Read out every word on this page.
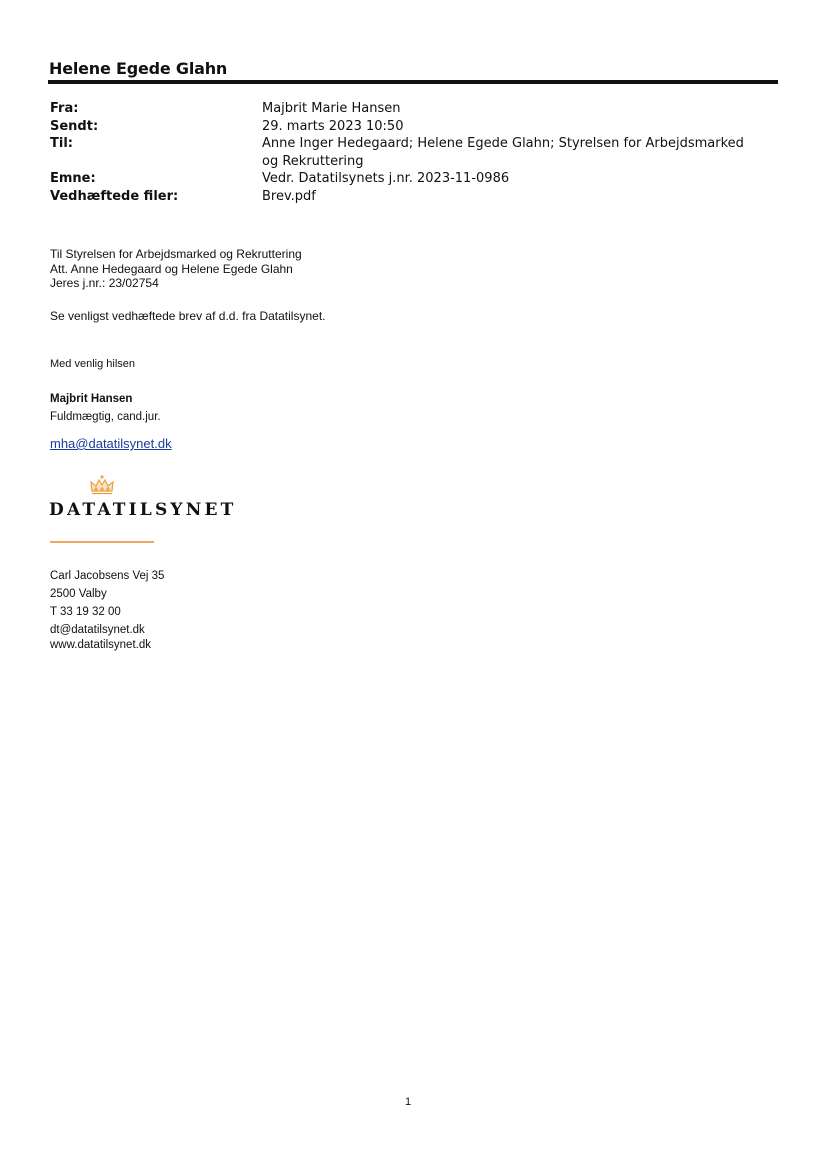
Helene Egede Glahn
Fra:	Majbrit Marie Hansen
Sendt:	29. marts 2023 10:50
Til:	Anne Inger Hedegaard; Helene Egede Glahn; Styrelsen for Arbejdsmarked og Rekruttering
Emne:	Vedr. Datatilsynets j.nr. 2023-11-0986
Vedhæftede filer:	Brev.pdf
Til Styrelsen for Arbejdsmarked og Rekruttering
Att. Anne Hedegaard og Helene Egede Glahn
Jeres j.nr.: 23/02754
Se venligst vedhæftede brev af d.d. fra Datatilsynet.
Med venlig hilsen
Majbrit Hansen
Fuldmægtig, cand.jur.
mha@datatilsynet.dk
DATATILSYNET
Carl Jacobsens Vej 35
2500 Valby
T 33 19 32 00
dt@datatilsynet.dk
www.datatilsynet.dk
1
